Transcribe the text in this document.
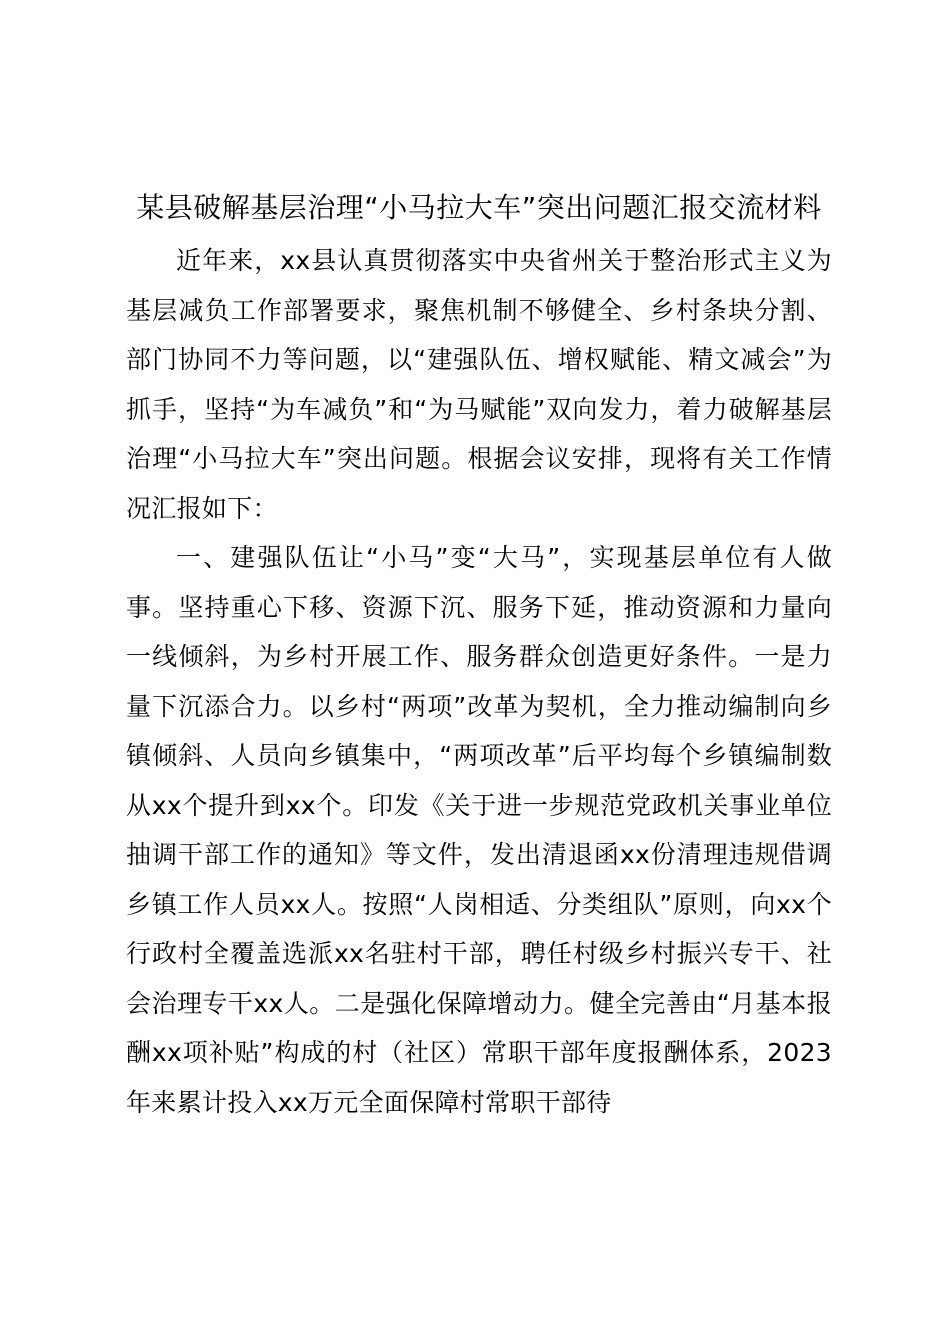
某县破解基层治理“小马拉大车”突出问题汇报交流材料

近年来，xx县认真贯彻落实中央省州关于整治形式主义为基层减负工作部署要求，聚焦机制不够健全、乡村条块分割、部门协同不力等问题，以“建强队伍、增权赋能、精文减会”为抓手，坚持“为车减负”和“为马赋能”双向发力，着力破解基层治理“小马拉大车”突出问题。根据会议安排，现将有关工作情况汇报如下：

一、建强队伍让“小马”变“大马”，实现基层单位有人做事。坚持重心下移、资源下沉、服务下延，推动资源和力量向一线倾斜，为乡村开展工作、服务群众创造更好条件。一是力量下沉添合力。以乡村“两项”改革为契机，全力推动编制向乡镇倾斜、人员向乡镇集中，“两项改革”后平均每个乡镇编制数从xx个提升到xx个。印发《关于进一步规范党政机关事业单位抽调干部工作的通知》等文件，发出清退函xx份清理违规借调乡镇工作人员xx人。按照“人岗相适、分类组队”原则，向xx个行政村全覆盖选派xx名驻村干部，聘任村级乡村振兴专干、社会治理专干xx人。二是强化保障增动力。健全完善由“月基本报酬xx项补贴”构成的村（社区）常职干部年度报酬体系，2023年来累计投入xx万元全面保障村常职干部待
